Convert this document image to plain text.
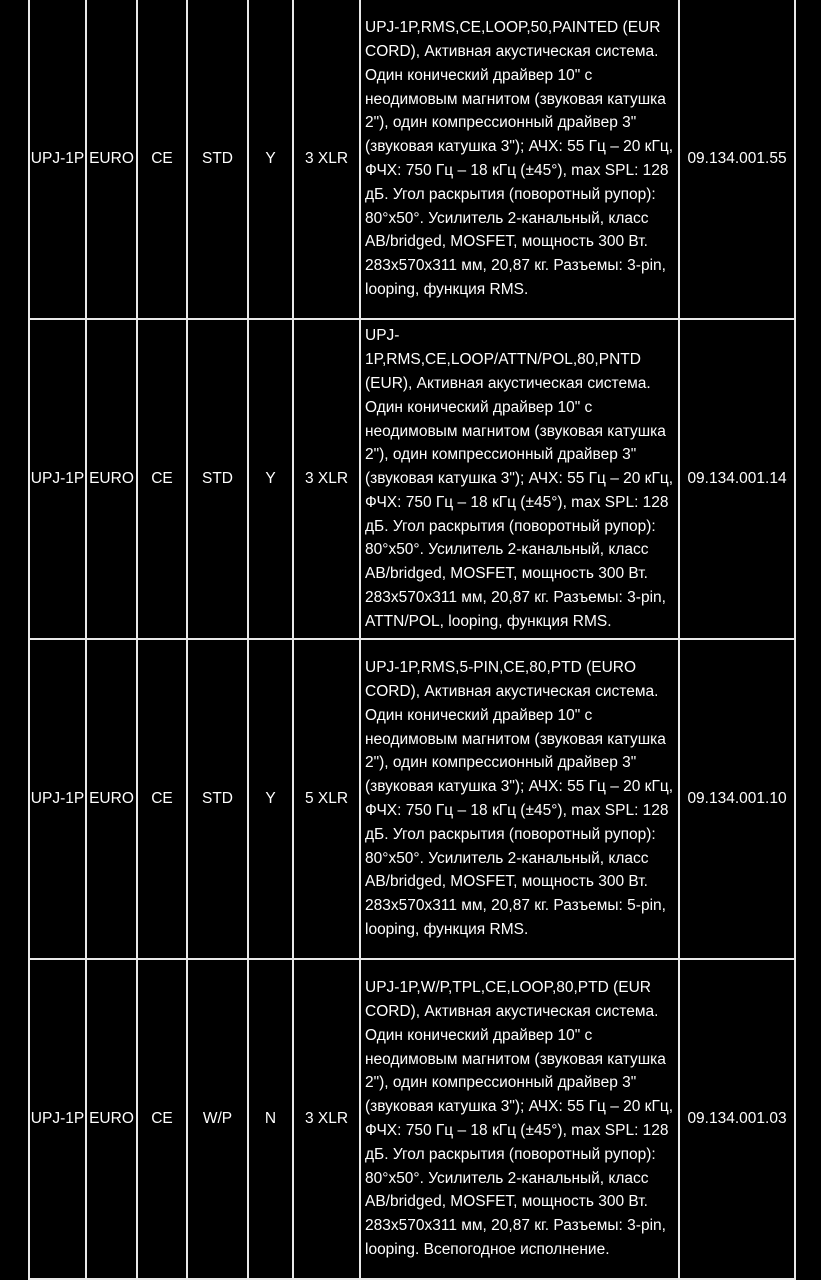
UPJ-1P	EURO	CE	STD	Y	3 XLR	UPJ-1P,RMS,CE,LOOP,50,PAINTED (EUR CORD), Активная акустическая система. Один конический драйвер 10" с неодимовым магнитом (звуковая катушка 2"), один компрессионный драйвер 3" (звуковая катушка 3"); АЧХ: 55 Гц – 20 кГц, ФЧХ: 750 Гц – 18 кГц (±45°), max SPL: 128 дБ. Угол раскрытия (поворотный рупор): 80°x50°. Усилитель 2-канальный, класс AB/bridged, MOSFET, мощность 300 Вт. 283x570x311 мм, 20,87 кг. Разъемы: 3-pin, looping, функция RMS.	09.134.001.55

UPJ-1P	EURO	CE	STD	Y	3 XLR	UPJ-1P,RMS,CE,LOOP/ATTN/POL,80,PNTD (EUR), Активная акустическая система. Один конический драйвер 10" с неодимовым магнитом (звуковая катушка 2"), один компрессионный драйвер 3" (звуковая катушка 3"); АЧХ: 55 Гц – 20 кГц, ФЧХ: 750 Гц – 18 кГц (±45°), max SPL: 128 дБ. Угол раскрытия (поворотный рупор): 80°x50°. Усилитель 2-канальный, класс AB/bridged, MOSFET, мощность 300 Вт. 283x570x311 мм, 20,87 кг. Разъемы: 3-pin, ATTN/POL, looping, функция RMS.	09.134.001.14

UPJ-1P	EURO	CE	STD	Y	5 XLR	UPJ-1P,RMS,5-PIN,CE,80,PTD (EURO CORD), Активная акустическая система. Один конический драйвер 10" с неодимовым магнитом (звуковая катушка 2"), один компрессионный драйвер 3" (звуковая катушка 3"); АЧХ: 55 Гц – 20 кГц, ФЧХ: 750 Гц – 18 кГц (±45°), max SPL: 128 дБ. Угол раскрытия (поворотный рупор): 80°x50°. Усилитель 2-канальный, класс AB/bridged, MOSFET, мощность 300 Вт. 283x570x311 мм, 20,87 кг. Разъемы: 5-pin, looping, функция RMS.	09.134.001.10

UPJ-1P	EURO	CE	W/P	N	3 XLR	UPJ-1P,W/P,TPL,CE,LOOP,80,PTD (EUR CORD), Активная акустическая система. Один конический драйвер 10" с неодимовым магнитом (звуковая катушка 2"), один компрессионный драйвер 3" (звуковая катушка 3"); АЧХ: 55 Гц – 20 кГц, ФЧХ: 750 Гц – 18 кГц (±45°), max SPL: 128 дБ. Угол раскрытия (поворотный рупор): 80°x50°. Усилитель 2-канальный, класс AB/bridged, MOSFET, мощность 300 Вт. 283x570x311 мм, 20,87 кг. Разъемы: 3-pin, looping. Всепогодное исполнение.	09.134.001.03
